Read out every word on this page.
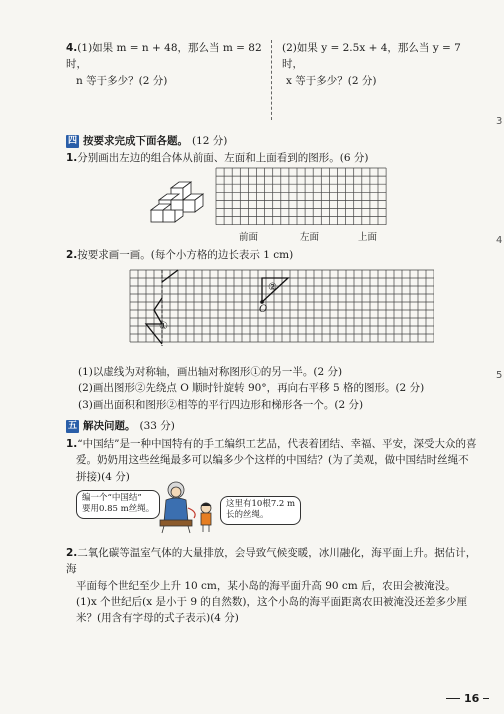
4.(1)如果 m = n + 48，那么当 m = 82 时，

n 等于多少？(2 分)

(2)如果 y = 2.5x + 4，那么当 y = 7 时，

x 等于多少？(2 分)

四 按要求完成下面各题。 (12 分)
1.分别画出左边的组合体从前面、左面和上面看到的图形。(6 分)
前面	左面	上面
2.按要求画一画。(每个小方格的边长表示 1 cm)
①
②
O

(1)以虚线为对称轴，画出轴对称图形①的另一半。(2 分)

(2)画出图形②先绕点 O 顺时针旋转 90°，再向右平移 5 格的图形。(2 分)

(3)画出面积和图形②相等的平行四边形和梯形各一个。(2 分)

五 解决问题。 (33 分)

1.“中国结”是一种中国特有的手工编织工艺品，代表着团结、幸福、平安，深受大众的喜

爱。奶奶用这些丝绳最多可以编多少个这样的中国结？(为了美观，做中国结时丝绳不

拼接)(4 分)

编一个“中国结”
要用0.85 m丝绳。
这里有10根7.2 m
长的丝绳。

2.二氧化碳等温室气体的大量排放，会导致气候变暖，冰川融化，海平面上升。据估计，海

平面每个世纪至少上升 10 cm，某小岛的海平面升高 90 cm 后，农田会被淹没。

(1)x 个世纪后(x 是小于 9 的自然数)，这个小岛的海平面距离农田被淹没还差多少厘

米？(用含有字母的式子表示)(4 分)

16
3
4
5
